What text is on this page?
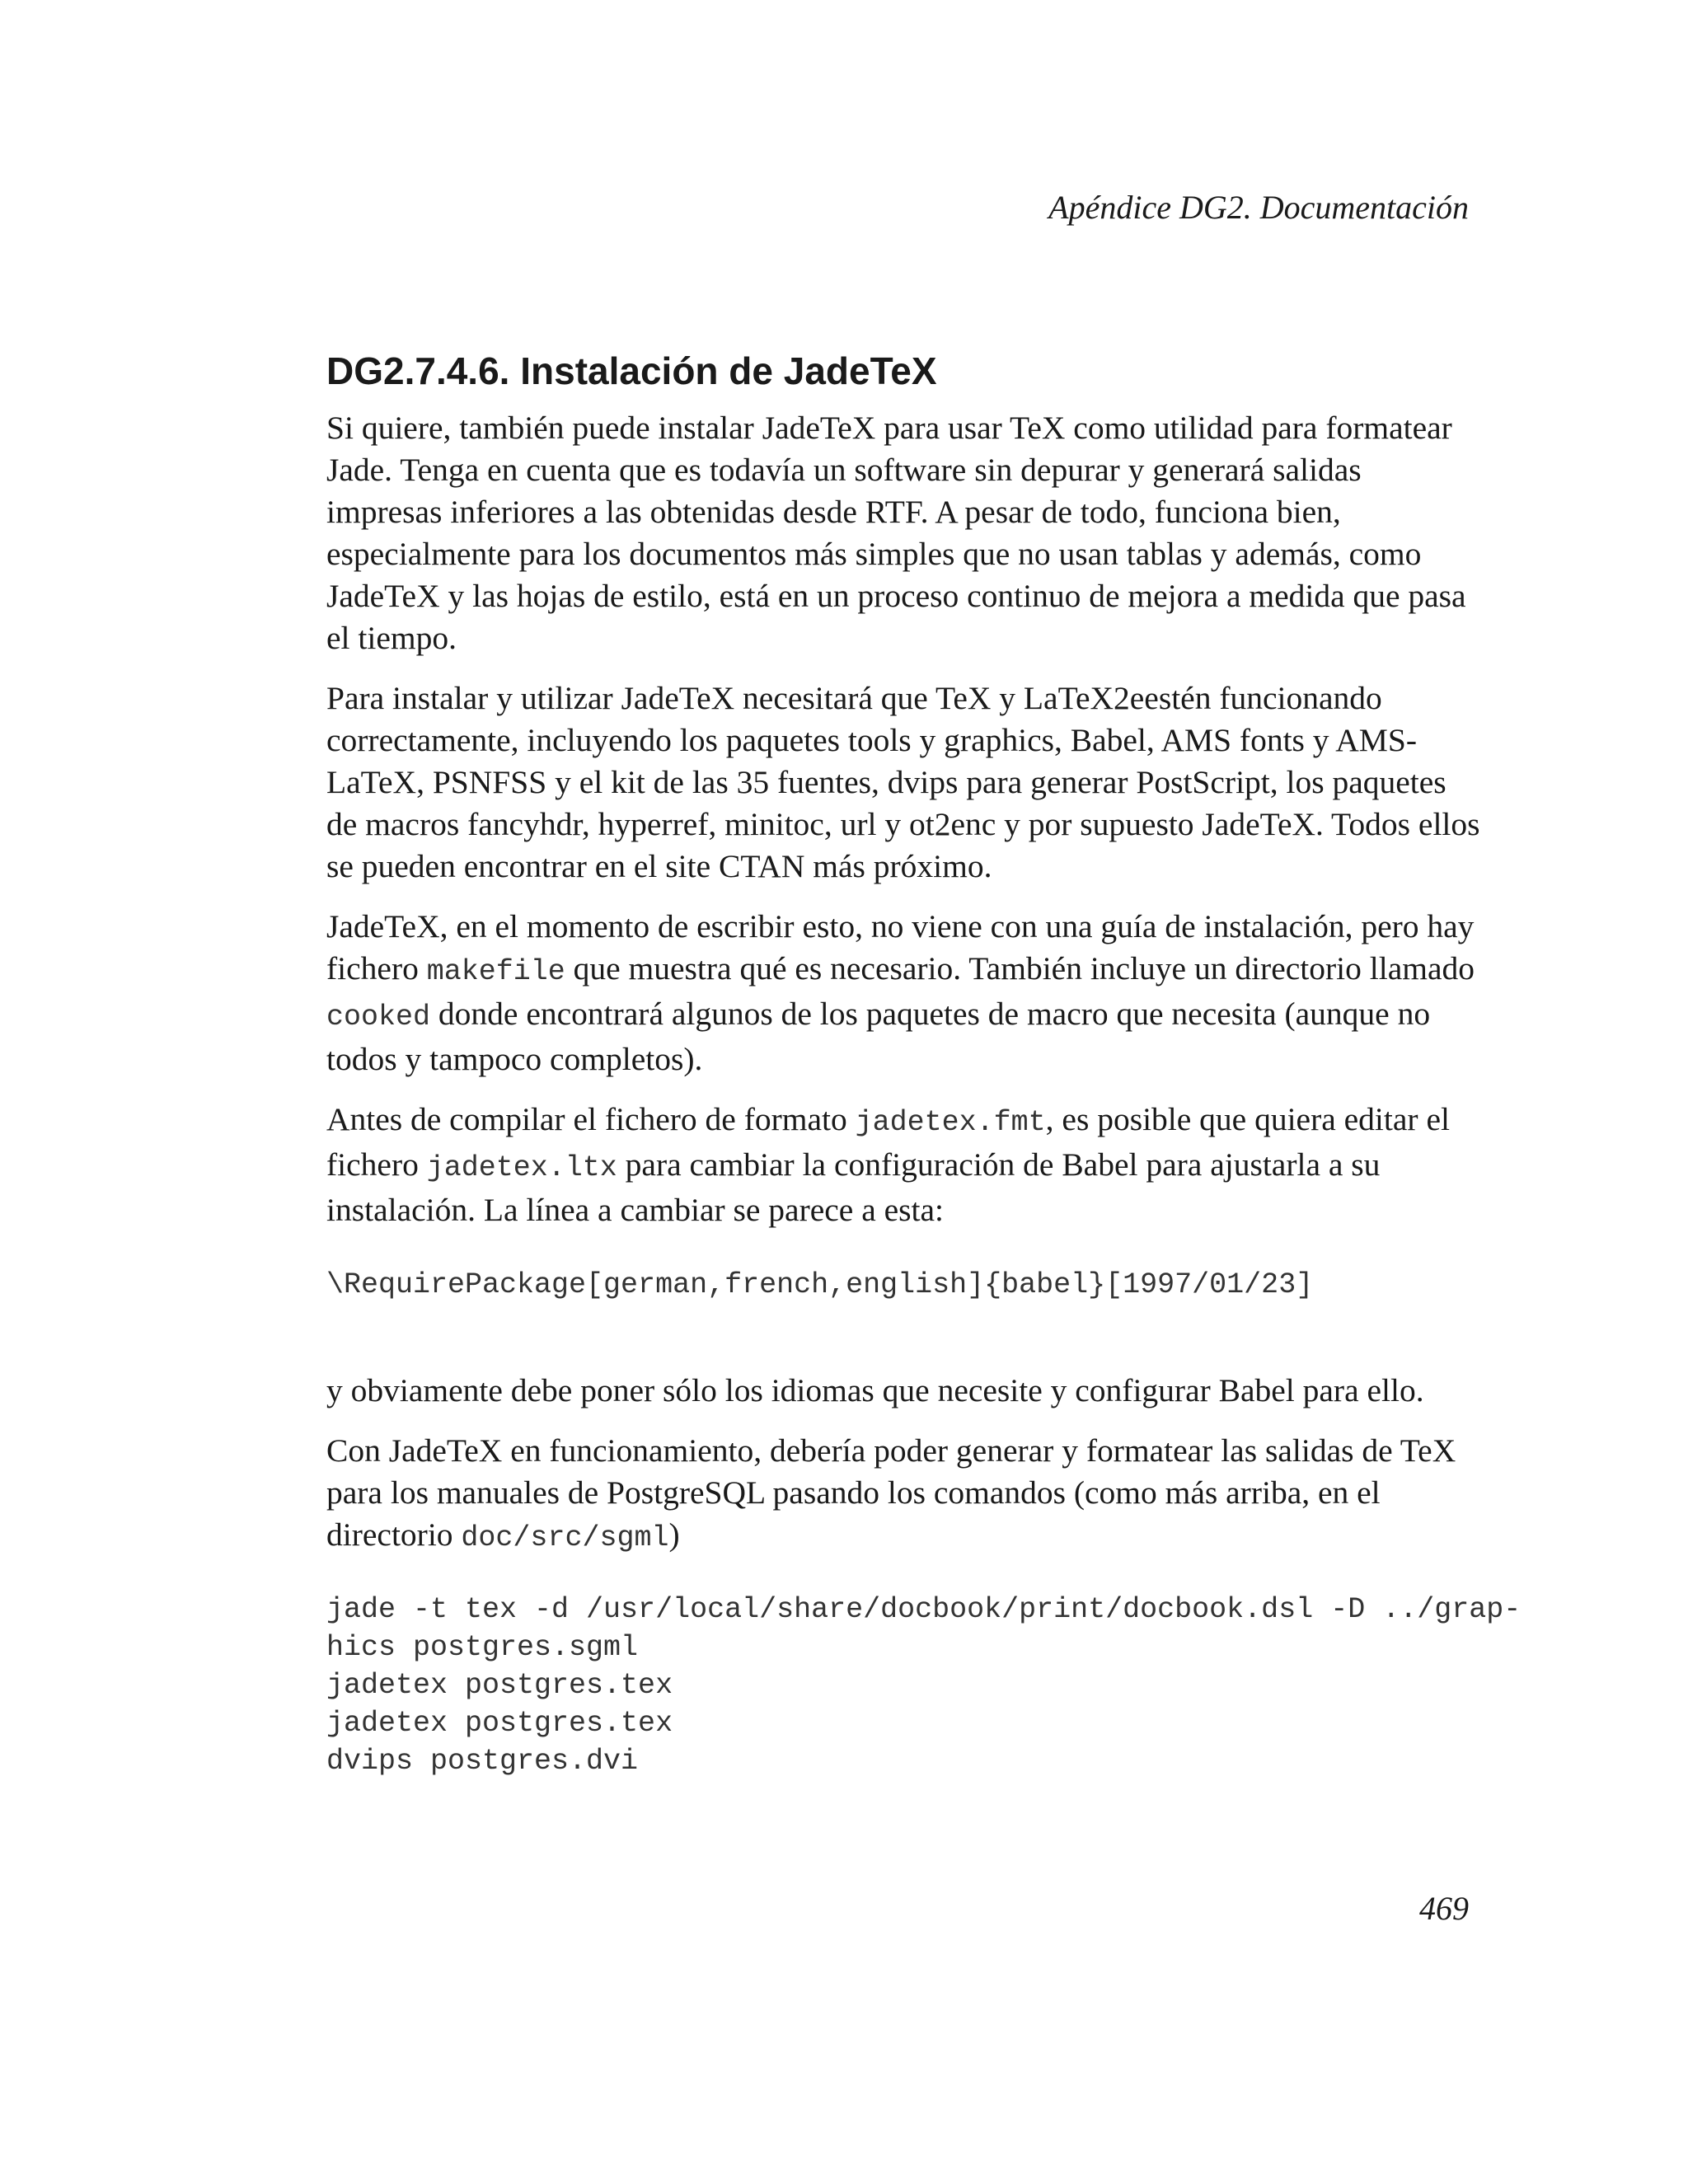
Apéndice DG2. Documentación
DG2.7.4.6. Instalación de JadeTeX

Si quiere, también puede instalar JadeTeX para usar TeX como utilidad para formatear Jade. Tenga en cuenta que es todavía un software sin depurar y generará salidas impresas inferiores a las obtenidas desde RTF. A pesar de todo, funciona bien, especialmente para los documentos más simples que no usan tablas y además, como JadeTeX y las hojas de estilo, está en un proceso continuo de mejora a medida que pasa el tiempo.

Para instalar y utilizar JadeTeX necesitará que TeX y LaTeX2eestén funcionando correctamente, incluyendo los paquetes tools y graphics, Babel, AMS fonts y AMS-LaTeX, PSNFSS y el kit de las 35 fuentes, dvips para generar PostScript, los paquetes de macros fancyhdr, hyperref, minitoc, url y ot2enc y por supuesto JadeTeX. Todos ellos se pueden encontrar en el site CTAN más próximo.

JadeTeX, en el momento de escribir esto, no viene con una guía de instalación, pero hay fichero makefile que muestra qué es necesario. También incluye un directorio llamado cooked donde encontrará algunos de los paquetes de macro que necesita (aunque no todos y tampoco completos).

Antes de compilar el fichero de formato jadetex.fmt, es posible que quiera editar el fichero jadetex.ltx para cambiar la configuración de Babel para ajustarla a su instalación. La línea a cambiar se parece a esta:

\RequirePackage[german,french,english]{babel}[1997/01/23]

y obviamente debe poner sólo los idiomas que necesite y configurar Babel para ello.

Con JadeTeX en funcionamiento, debería poder generar y formatear las salidas de TeX para los manuales de PostgreSQL pasando los comandos (como más arriba, en el directorio doc/src/sgml)

jade -t tex -d /usr/local/share/docbook/print/docbook.dsl -D ../grap-
hics postgres.sgml
jadetex postgres.tex
jadetex postgres.tex
dvips postgres.dvi
469
